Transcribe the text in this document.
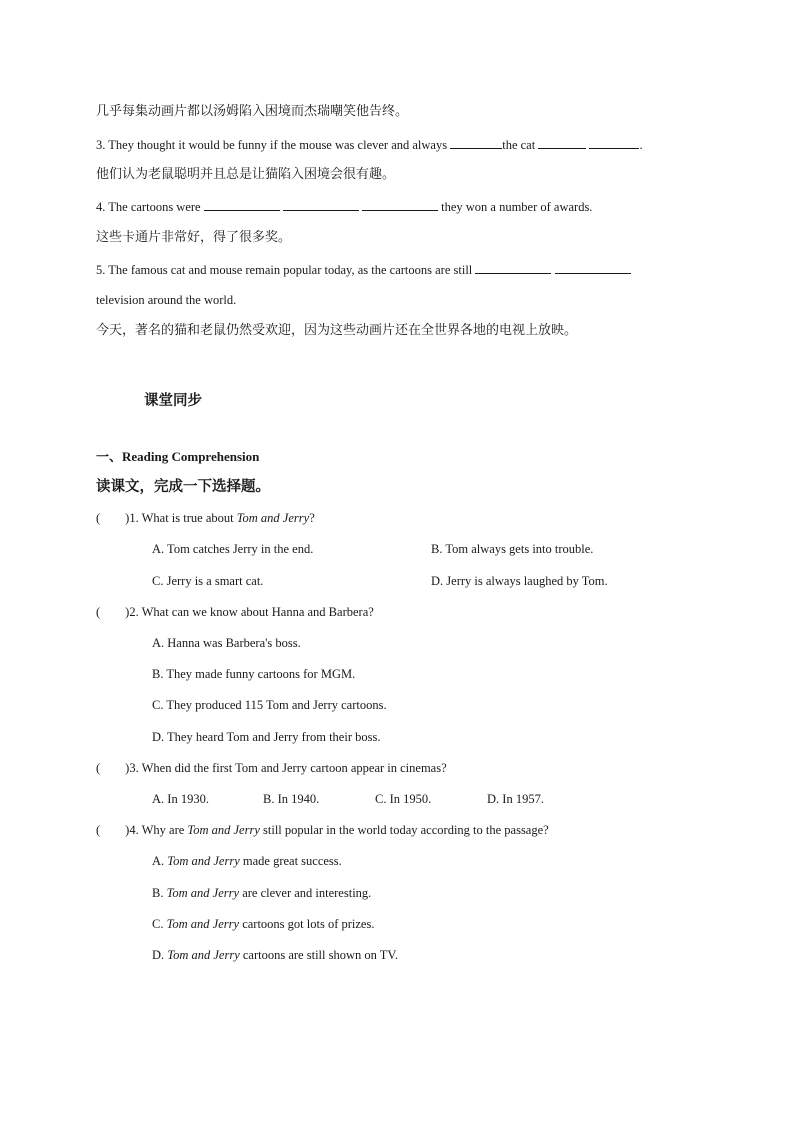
几乎每集动画片都以汤姆陷入困境而杰瑞嘲笑他告终。
3. They thought it would be funny if the mouse was clever and always	the cat	.
他们认为老鼠聪明并且总是让猫陷入困境会很有趣。
4. The cartoons were	they won a number of awards.
这些卡通片非常好，得了很多奖。
5. The famous cat and mouse remain popular today, as the cartoons are still
television around the world.
今天，著名的猫和老鼠仍然受欢迎，因为这些动画片还在全世界各地的电视上放映。
课堂同步
一、Reading Comprehension
读课文，完成一下选择题。
(        )1. What is true about Tom and Jerry?
A. Tom catches Jerry in the end.	B. Tom always gets into trouble.
C. Jerry is a smart cat.	D. Jerry is always laughed by Tom.
(        )2. What can we know about Hanna and Barbera?
A. Hanna was Barbera's boss.
B. They made funny cartoons for MGM.
C. They produced 115 Tom and Jerry cartoons.
D. They heard Tom and Jerry from their boss.
(        )3. When did the first Tom and Jerry cartoon appear in cinemas?
A. In 1930.	B. In 1940.	C. In 1950.	D. In 1957.
(        )4. Why are Tom and Jerry still popular in the world today according to the passage?
A. Tom and Jerry made great success.
B. Tom and Jerry are clever and interesting.
C. Tom and Jerry cartoons got lots of prizes.
D. Tom and Jerry cartoons are still shown on TV.
